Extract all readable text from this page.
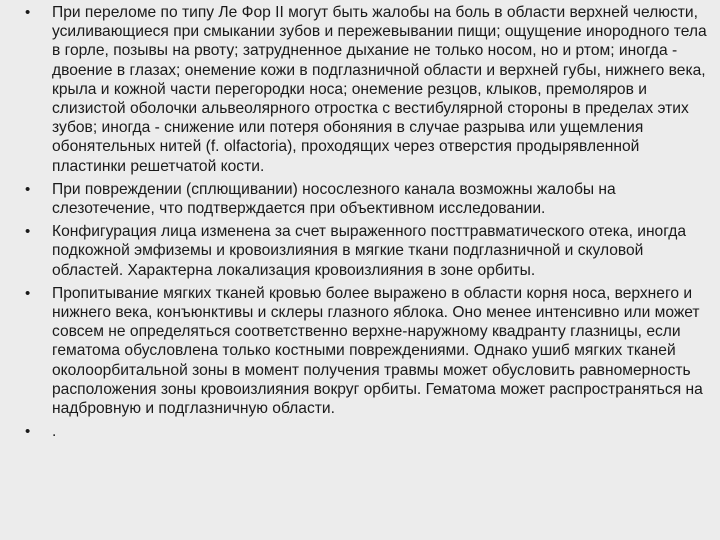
•	При переломе по типу Ле Фор II могут быть жалобы на боль в области верхней челюсти, усиливающиеся при смыкании зубов и пережевывании пищи; ощущение инородного тела в горле, позывы на рвоту; затрудненное дыхание не только носом, но и ртом; иногда - двоение в глазах; онемение кожи в подглазничной области и верхней губы, нижнего века, крыла и кожной части перегородки носа; онемение резцов, клыков, премоляров и слизистой оболочки альвеолярного отростка с вестибулярной стороны в пределах этих зубов; иногда - снижение или потеря обоняния в случае разрыва или ущемления обонятельных нитей (f. olfactoria), проходящих через отверстия продырявленной пластинки решетчатой кости.
•	При повреждении (сплющивании) носослезного канала возможны жалобы на слезотечение, что подтверждается при объективном исследовании.
•	Конфигурация лица изменена за счет выраженного посттравматического отека, иногда подкожной эмфиземы и кровоизлияния в мягкие ткани подглазничной и скуловой областей. Характерна локализация кровоизлияния в зоне орбиты.
•	Пропитывание мягких тканей кровью более выражено в области корня носа, верхнего и нижнего века, конъюнктивы и склеры глазного яблока. Оно менее интенсивно или может совсем не определяться соответственно верхне-наружному квадранту глазницы, если гематома обусловлена только костными повреждениями. Однако ушиб мягких тканей околоорбитальной зоны в момент получения травмы может обусловить равномерность расположения зоны кровоизлияния вокруг орбиты. Гематома может распространяться на надбровную и подглазничную области.
•	.
